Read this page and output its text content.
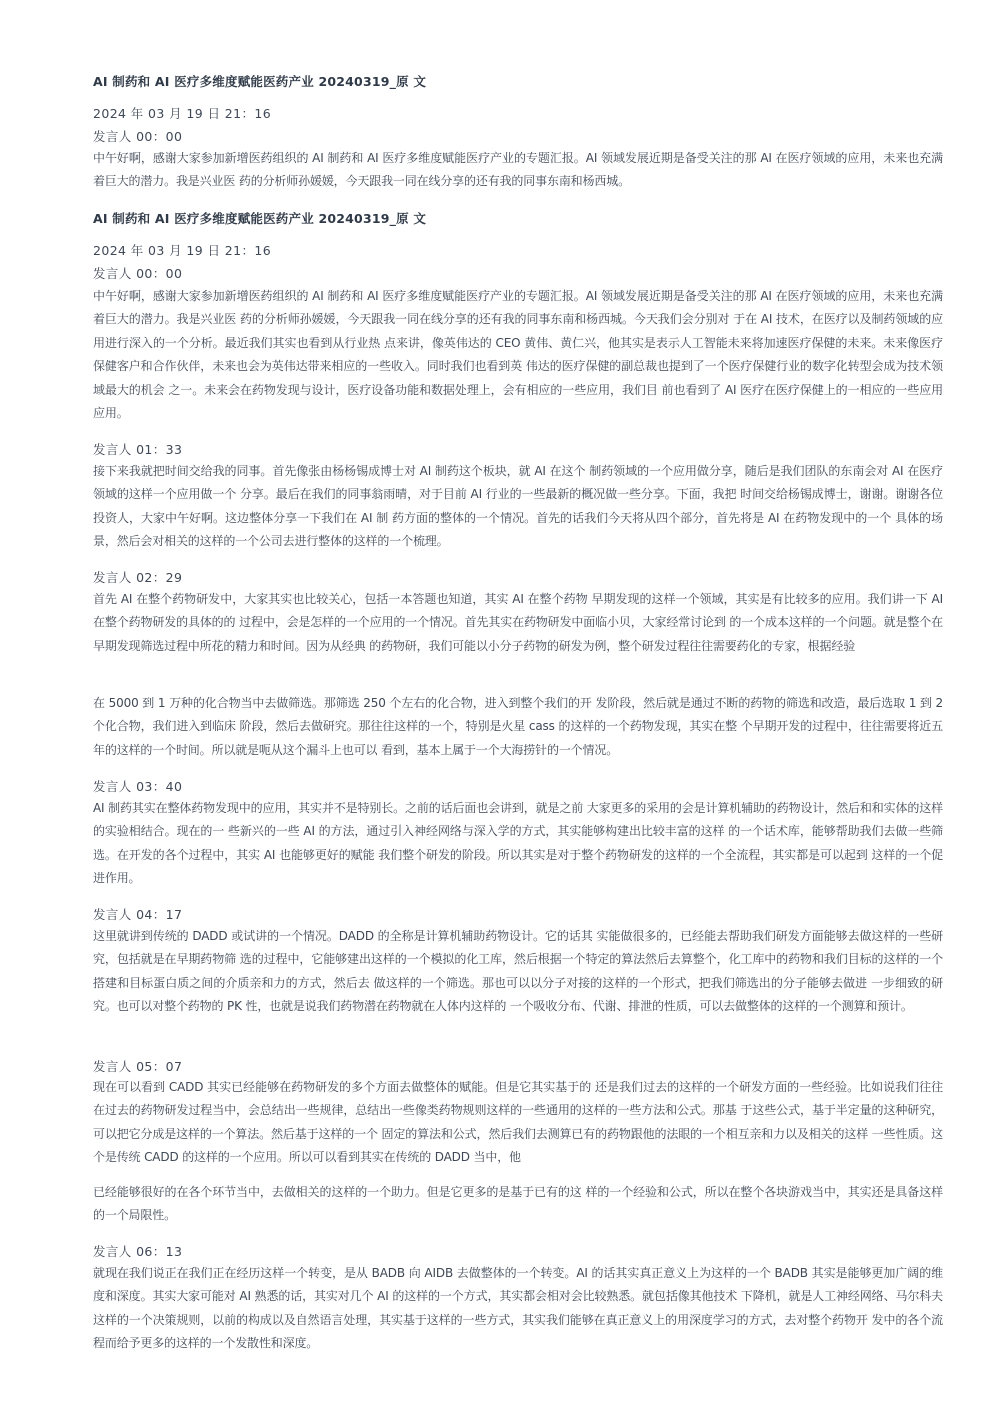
AI 制药和 AI 医疗多维度赋能医药产业 20240319_原 文
2024 年 03 月 19 日 21：16
发言人 00：00
中午好啊，感谢大家参加新增医药组织的 AI 制药和 AI 医疗多维度赋能医疗产业的专题汇报。AI 领域发展近期是备受关注的那 AI 在医疗领域的应用，未来也充满着巨大的潜力。我是兴业医 药的分析师孙媛媛，今天跟我一同在线分享的还有我的同事东南和杨西城。
AI 制药和 AI 医疗多维度赋能医药产业 20240319_原 文
2024 年 03 月 19 日 21：16
发言人 00：00
中午好啊，感谢大家参加新增医药组织的 AI 制药和 AI 医疗多维度赋能医疗产业的专题汇报。AI 领域发展近期是备受关注的那 AI 在医疗领域的应用，未来也充满着巨大的潜力。我是兴业医 药的分析师孙媛媛，今天跟我一同在线分享的还有我的同事东南和杨西城。今天我们会分别对 于在 AI 技术，在医疗以及制药领域的应用进行深入的一个分析。最近我们其实也看到从行业热 点来讲，像英伟达的 CEO 黄伟、黄仁兴，他其实是表示人工智能未来将加速医疗保健的未来。未来像医疗保健客户和合作伙伴，未来也会为英伟达带来相应的一些收入。同时我们也看到英 伟达的医疗保健的副总裁也提到了一个医疗保健行业的数字化转型会成为技术领域最大的机会 之一。未来会在药物发现与设计，医疗设备功能和数据处理上，会有相应的一些应用，我们目 前也看到了 AI 医疗在医疗保健上的一相应的一些应用应用。
发言人 01：33
接下来我就把时间交给我的同事。首先像张由杨杨锡成博士对 AI 制药这个板块，就 AI 在这个 制药领域的一个应用做分享，随后是我们团队的东南会对 AI 在医疗领域的这样一个应用做一个 分享。最后在我们的同事翁雨晴，对于目前 AI 行业的一些最新的概况做一些分享。下面，我把 时间交给杨锡成博士，谢谢。谢谢各位投资人，大家中午好啊。这边整体分享一下我们在 AI 制 药方面的整体的一个情况。首先的话我们今天将从四个部分，首先将是 AI 在药物发现中的一个 具体的场景，然后会对相关的这样的一个公司去进行整体的这样的一个梳理。
发言人 02：29
首先 AI 在整个药物研发中，大家其实也比较关心，包括一本答题也知道，其实 AI 在整个药物 早期发现的这样一个领域，其实是有比较多的应用。我们讲一下 AI 在整个药物研发的具体的的 过程中，会是怎样的一个应用的一个情况。首先其实在药物研发中面临小贝，大家经常讨论到 的一个成本这样的一个问题。就是整个在早期发现筛选过程中所花的精力和时间。因为从经典 的药物研，我们可能以小分子药物的研发为例，整个研发过程往往需要药化的专家，根据经验
在 5000 到 1 万种的化合物当中去做筛选。那筛选 250 个左右的化合物，进入到整个我们的开 发阶段，然后就是通过不断的药物的筛选和改造，最后选取 1 到 2 个化合物，我们进入到临床 阶段，然后去做研究。那往往这样的一个，特别是火星 cass 的这样的一个药物发现，其实在整 个早期开发的过程中，往往需要将近五年的这样的一个时间。所以就是呃从这个漏斗上也可以 看到，基本上属于一个大海捞针的一个情况。
发言人 03：40
AI 制药其实在整体药物发现中的应用，其实并不是特别长。之前的话后面也会讲到，就是之前 大家更多的采用的会是计算机辅助的药物设计，然后和和实体的这样的实验相结合。现在的一 些新兴的一些 AI 的方法，通过引入神经网络与深入学的方式，其实能够构建出比较丰富的这样 的一个话术库，能够帮助我们去做一些筛选。在开发的各个过程中，其实 AI 也能够更好的赋能 我们整个研发的阶段。所以其实是对于整个药物研发的这样的一个全流程，其实都是可以起到 这样的一个促进作用。
发言人 04：17
这里就讲到传统的 DADD 或试讲的一个情况。DADD 的全称是计算机辅助药物设计。它的话其 实能做很多的，已经能去帮助我们研发方面能够去做这样的一些研究，包括就是在早期药物筛 选的过程中，它能够建出这样的一个模拟的化工库，然后根据一个特定的算法然后去算整个，化工库中的药物和我们目标的这样的一个搭建和目标蛋白质之间的介质亲和力的方式，然后去 做这样的一个筛选。那也可以以分子对接的这样的一个形式，把我们筛选出的分子能够去做进 一步细致的研究。也可以对整个药物的 PK 性，也就是说我们药物潜在药物就在人体内这样的 一个吸收分布、代谢、排泄的性质，可以去做整体的这样的一个测算和预计。
发言人 05：07
现在可以看到 CADD 其实已经能够在药物研发的多个方面去做整体的赋能。但是它其实基于的 还是我们过去的这样的一个研发方面的一些经验。比如说我们往往在过去的药物研发过程当中，会总结出一些规律，总结出一些像类药物规则这样的一些通用的这样的一些方法和公式。那基 于这些公式，基于半定量的这种研究，可以把它分成是这样的一个算法。然后基于这样的一个 固定的算法和公式，然后我们去测算已有的药物跟他的法眼的一个相互亲和力以及相关的这样 一些性质。这个是传统 CADD 的这样的一个应用。所以可以看到其实在传统的 DADD 当中，他
已经能够很好的在各个环节当中，去做相关的这样的一个助力。但是它更多的是基于已有的这 样的一个经验和公式，所以在整个各块游戏当中，其实还是具备这样的一个局限性。
发言人 06：13
就现在我们说正在我们正在经历这样一个转变，是从 BADB 向 AIDB 去做整体的一个转变。AI 的话其实真正意义上为这样的一个 BADB 其实是能够更加广阔的维度和深度。其实大家可能对 AI 熟悉的话，其实对几个 AI 的这样的一个方式，其实都会相对会比较熟悉。就包括像其他技术 下降机，就是人工神经网络、马尔科夫这样的一个决策规则，以前的构成以及自然语言处理，其实基于这样的一些方式，其实我们能够在真正意义上的用深度学习的方式，去对整个药物开 发中的各个流程而给予更多的这样的一个发散性和深度。
